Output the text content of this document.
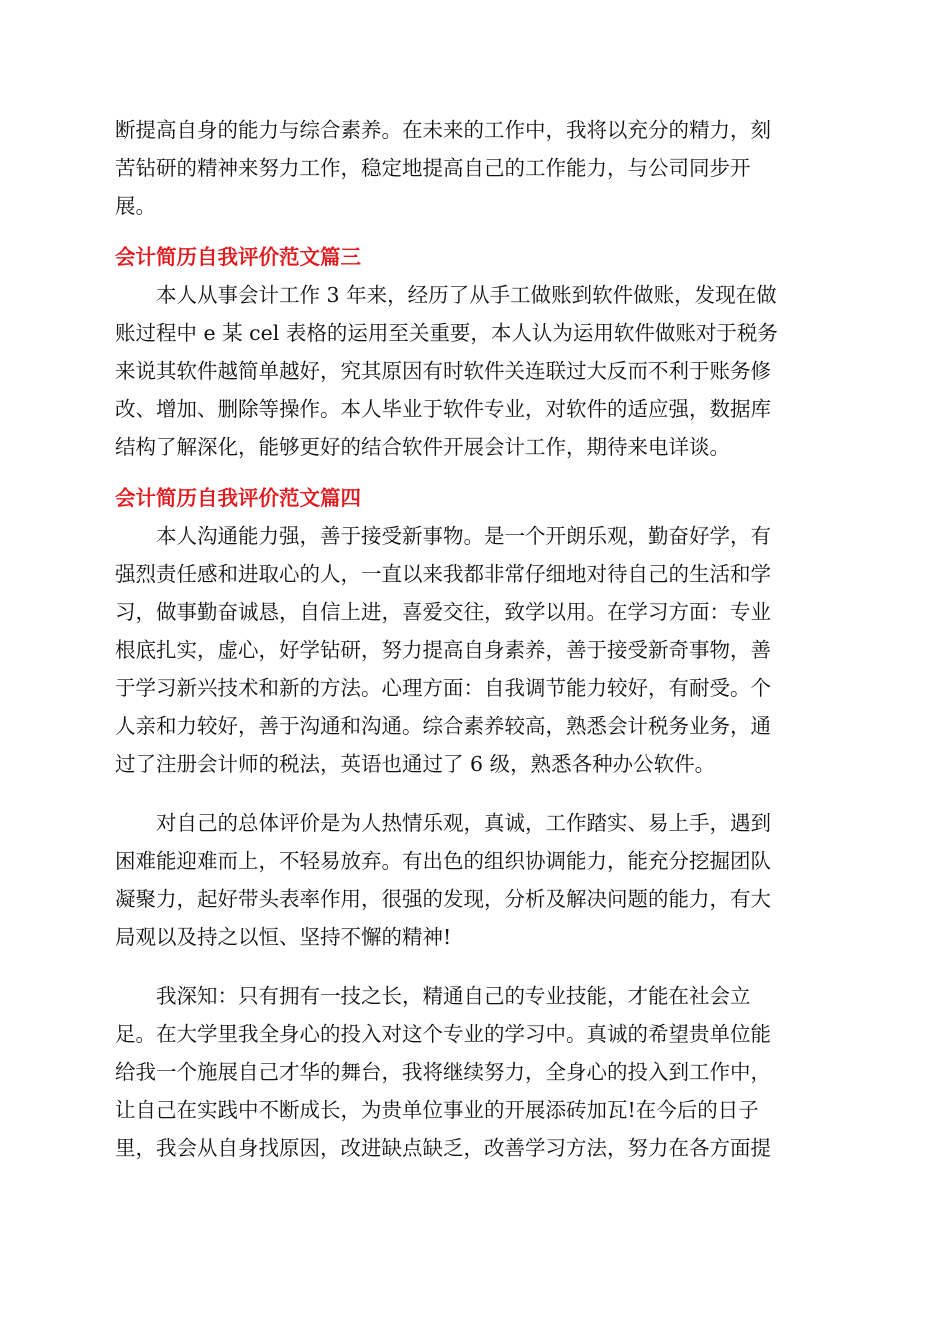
断提高自身的能力与综合素养。在未来的工作中，我将以充分的精力，刻
苦钻研的精神来努力工作，稳定地提高自己的工作能力，与公司同步开
展。
会计简历自我评价范文篇三
　　本人从事会计工作 3 年来，经历了从手工做账到软件做账，发现在做
账过程中 e 某 cel 表格的运用至关重要，本人认为运用软件做账对于税务
来说其软件越简单越好，究其原因有时软件关连联过大反而不利于账务修
改、增加、删除等操作。本人毕业于软件专业，对软件的适应强，数据库
结构了解深化，能够更好的结合软件开展会计工作，期待来电详谈。
会计简历自我评价范文篇四
　　本人沟通能力强，善于接受新事物。是一个开朗乐观，勤奋好学，有
强烈责任感和进取心的人，一直以来我都非常仔细地对待自己的生活和学
习，做事勤奋诚恳，自信上进，喜爱交往，致学以用。在学习方面：专业
根底扎实，虚心，好学钻研，努力提高自身素养，善于接受新奇事物，善
于学习新兴技术和新的方法。心理方面：自我调节能力较好，有耐受。个
人亲和力较好，善于沟通和沟通。综合素养较高，熟悉会计税务业务，通
过了注册会计师的税法，英语也通过了 6 级，熟悉各种办公软件。
　　对自己的总体评价是为人热情乐观，真诚，工作踏实、易上手，遇到
困难能迎难而上，不轻易放弃。有出色的组织协调能力，能充分挖掘团队
凝聚力，起好带头表率作用，很强的发现，分析及解决问题的能力，有大
局观以及持之以恒、坚持不懈的精神!
　　我深知：只有拥有一技之长，精通自己的专业技能，才能在社会立
足。在大学里我全身心的投入对这个专业的学习中。真诚的希望贵单位能
给我一个施展自己才华的舞台，我将继续努力，全身心的投入到工作中，
让自己在实践中不断成长，为贵单位事业的开展添砖加瓦!在今后的日子
里，我会从自身找原因，改进缺点缺乏，改善学习方法，努力在各方面提
